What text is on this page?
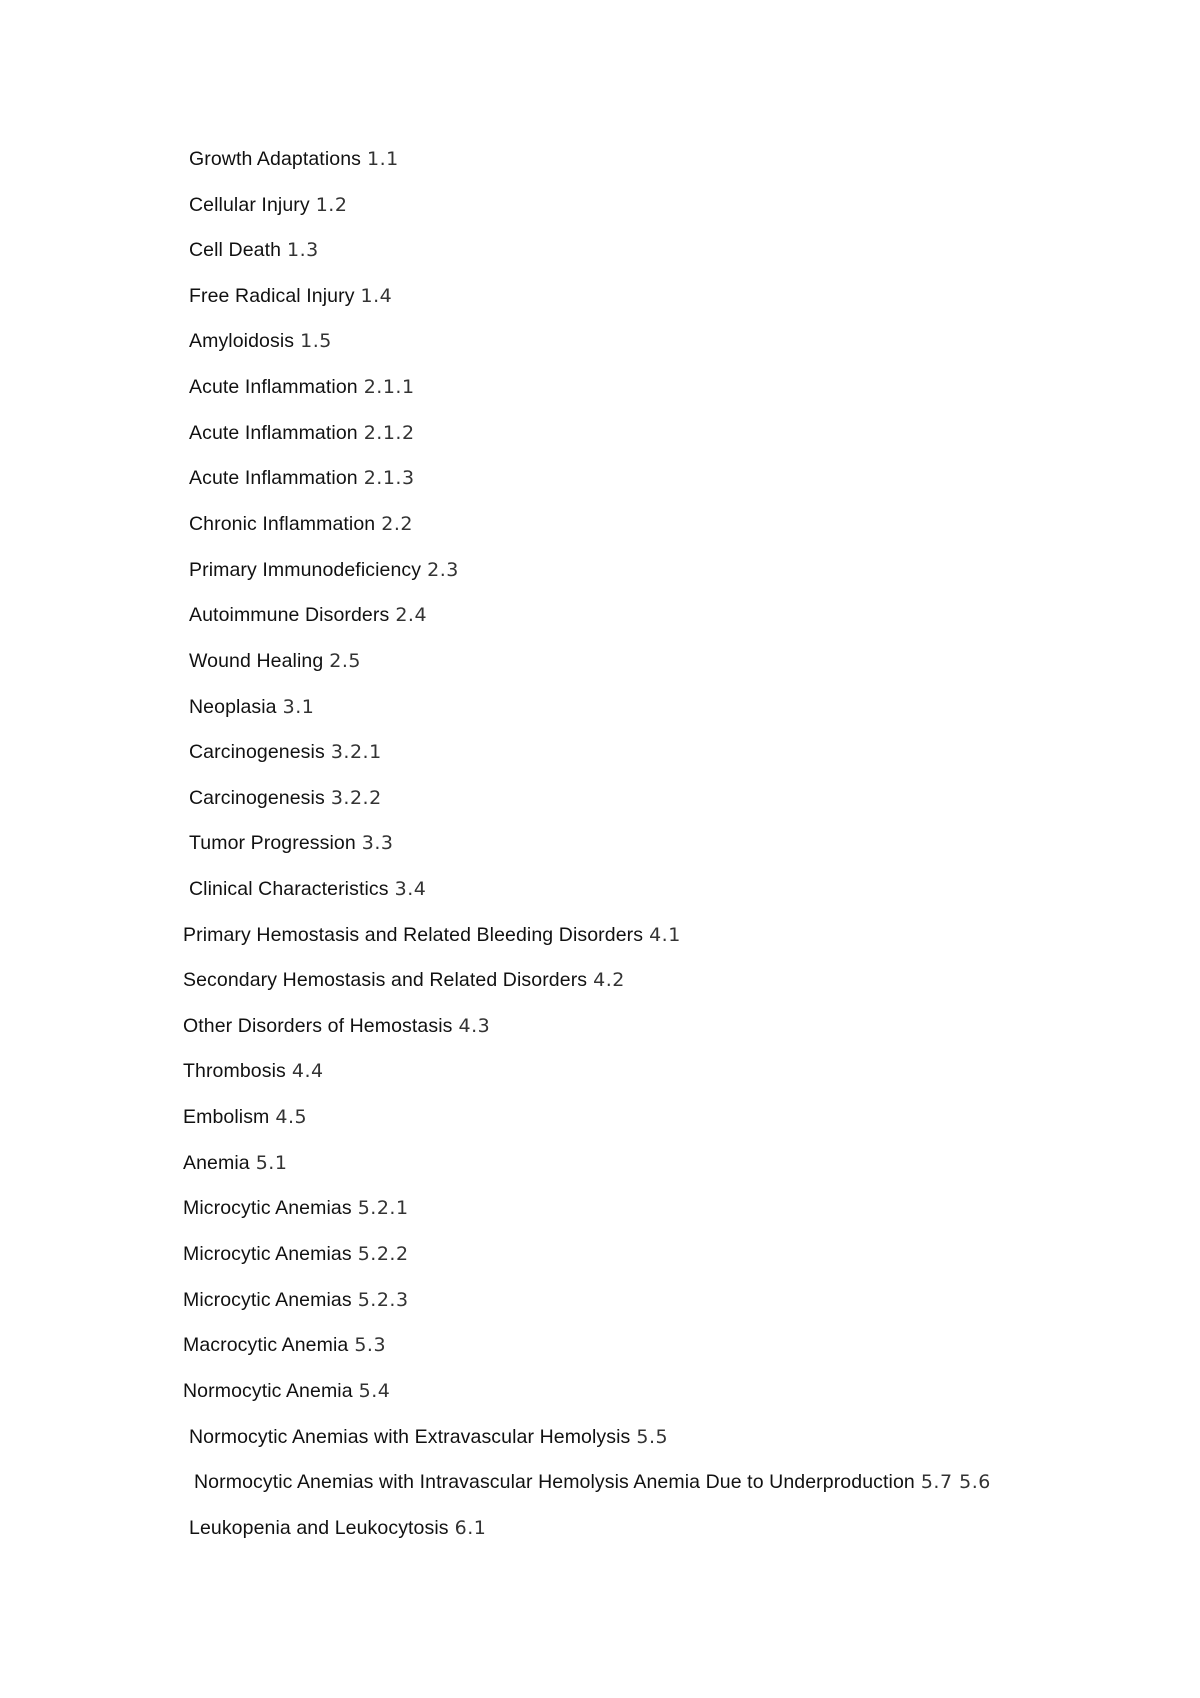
Growth Adaptations 1.1
Cellular Injury 1.2
Cell Death 1.3
Free Radical Injury 1.4
Amyloidosis 1.5
Acute Inflammation 2.1.1
Acute Inflammation 2.1.2
Acute Inflammation 2.1.3
Chronic Inflammation 2.2
Primary Immunodeficiency 2.3
Autoimmune Disorders 2.4
Wound Healing 2.5
Neoplasia 3.1
Carcinogenesis 3.2.1
Carcinogenesis 3.2.2
Tumor Progression 3.3
Clinical Characteristics 3.4
Primary Hemostasis and Related Bleeding Disorders 4.1
Secondary Hemostasis and Related Disorders 4.2
Other Disorders of Hemostasis 4.3
Thrombosis 4.4
Embolism 4.5
Anemia 5.1
Microcytic Anemias 5.2.1
Microcytic Anemias 5.2.2
Microcytic Anemias 5.2.3
Macrocytic Anemia 5.3
Normocytic Anemia 5.4
Normocytic Anemias with Extravascular Hemolysis 5.5
Normocytic Anemias with Intravascular Hemolysis Anemia Due to Underproduction 5.7 5.6
Leukopenia and Leukocytosis 6.1
